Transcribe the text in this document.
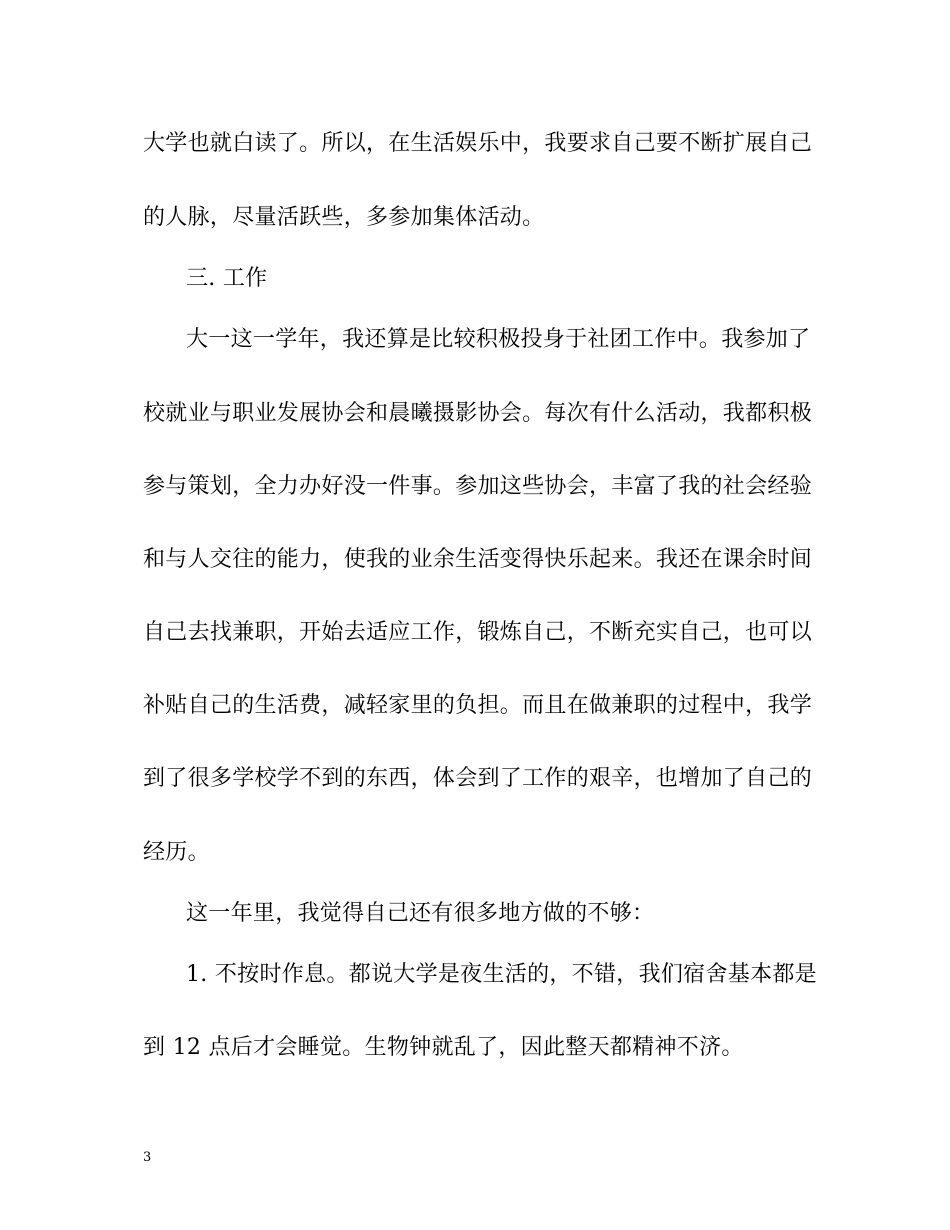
大学也就白读了。所以，在生活娱乐中，我要求自己要不断扩展自己
的人脉，尽量活跃些，多参加集体活动。
三. 工作
大一这一学年，我还算是比较积极投身于社团工作中。我参加了
校就业与职业发展协会和晨曦摄影协会。每次有什么活动，我都积极
参与策划，全力办好没一件事。参加这些协会，丰富了我的社会经验
和与人交往的能力，使我的业余生活变得快乐起来。我还在课余时间
自己去找兼职，开始去适应工作，锻炼自己，不断充实自己，也可以
补贴自己的生活费，减轻家里的负担。而且在做兼职的过程中，我学
到了很多学校学不到的东西，体会到了工作的艰辛，也增加了自己的
经历。
这一年里，我觉得自己还有很多地方做的不够：
1. 不按时作息。都说大学是夜生活的，不错，我们宿舍基本都是
到 12 点后才会睡觉。生物钟就乱了，因此整天都精神不济。
3
